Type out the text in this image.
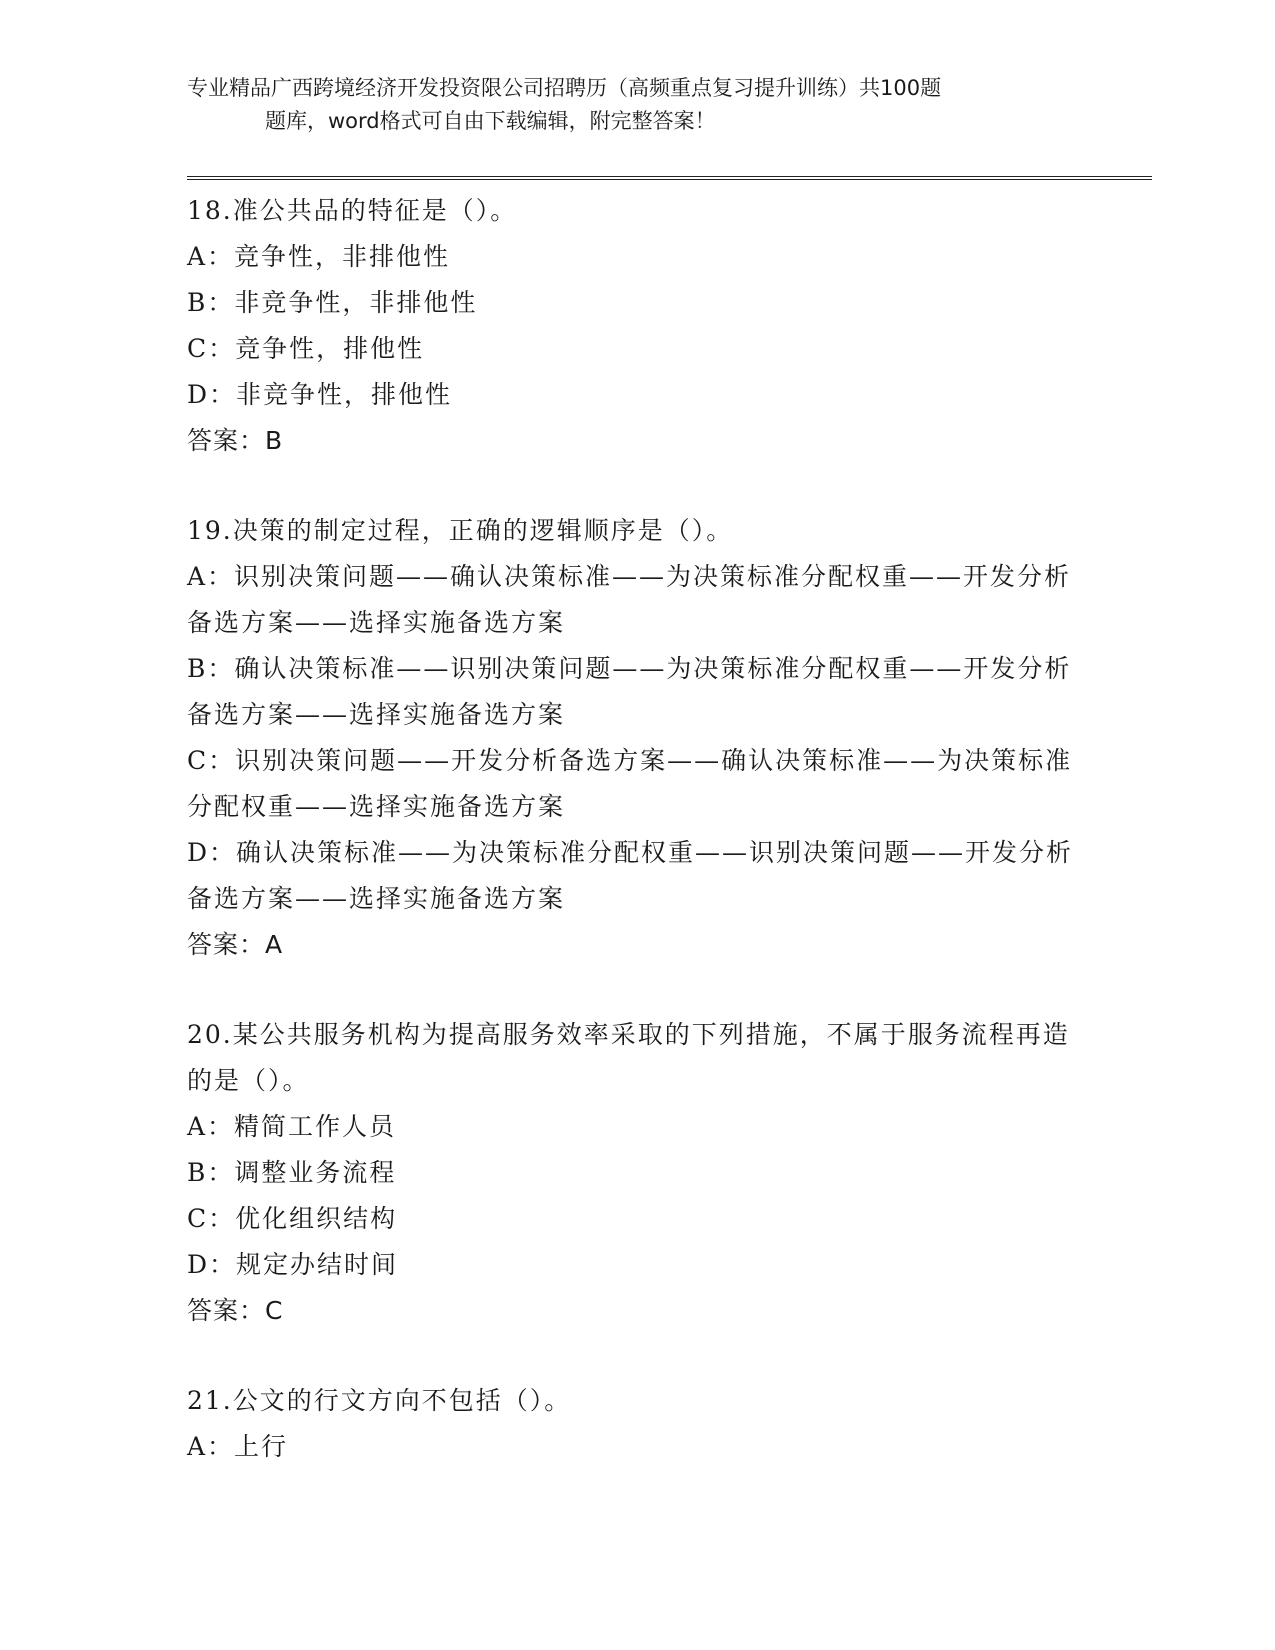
专业精品广西跨境经济开发投资限公司招聘历（高频重点复习提升训练）共100题
题库，word格式可自由下载编辑，附完整答案！

18.准公共品的特征是（）。

A：竞争性，非排他性

B：非竞争性，非排他性

C：竞争性，排他性

D：非竞争性，排他性

答案：B

19.决策的制定过程，正确的逻辑顺序是（）。

A：识别决策问题——确认决策标准——为决策标准分配权重——开发分析备选方案——选择实施备选方案

B：确认决策标准——识别决策问题——为决策标准分配权重——开发分析备选方案——选择实施备选方案

C：识别决策问题——开发分析备选方案——确认决策标准——为决策标准分配权重——选择实施备选方案

D：确认决策标准——为决策标准分配权重——识别决策问题——开发分析备选方案——选择实施备选方案

答案：A

20.某公共服务机构为提高服务效率采取的下列措施，不属于服务流程再造的是（）。

A：精简工作人员

B：调整业务流程

C：优化组织结构

D：规定办结时间

答案：C

21.公文的行文方向不包括（）。

A：上行
